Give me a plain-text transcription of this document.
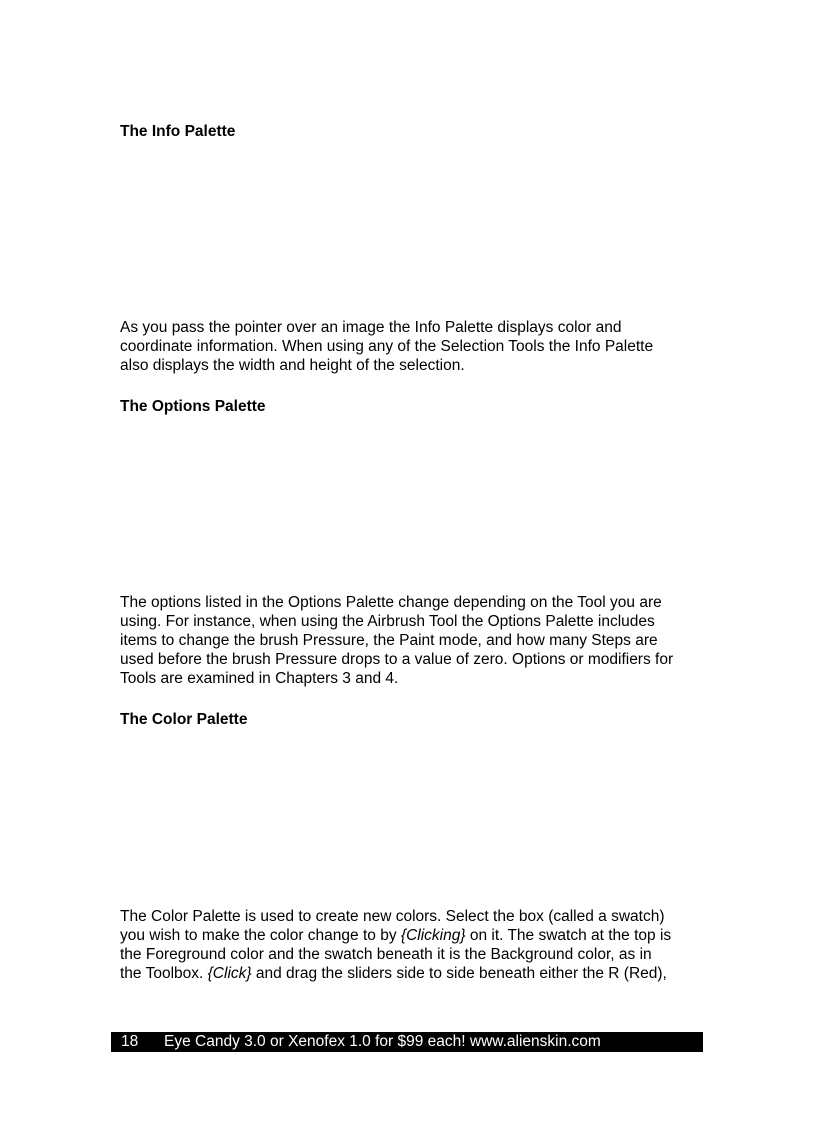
The Info Palette

As you pass the pointer over an image the Info Palette displays color and
coordinate information. When using any of the Selection Tools the Info Palette
also displays the width and height of the selection.

The Options Palette

The options listed in the Options Palette change depending on the Tool you are
using. For instance, when using the Airbrush Tool the Options Palette includes
items to change the brush Pressure, the Paint mode, and how many Steps are
used before the brush Pressure drops to a value of zero. Options or modifiers for
Tools are examined in Chapters 3 and 4.

The Color Palette

The Color Palette is used to create new colors. Select the box (called a swatch)
you wish to make the color change to by {Clicking} on it. The swatch at the top is
the Foreground color and the swatch beneath it is the Background color, as in
the Toolbox. {Click} and drag the sliders side to side beneath either the R (Red),

18 Eye Candy 3.0 or Xenofex 1.0 for $99 each! www.alienskin.com
